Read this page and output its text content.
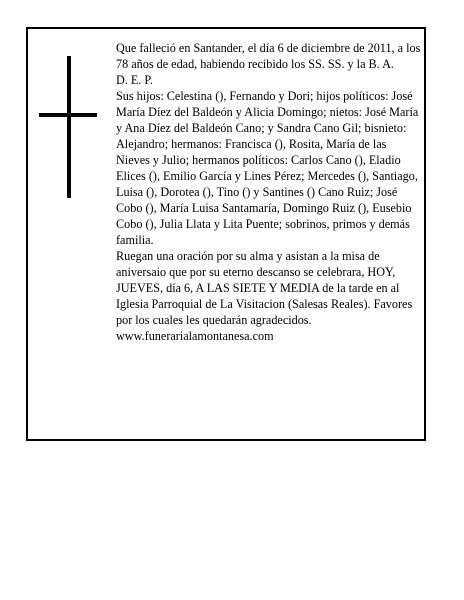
Que falleció en Santander, el día 6 de diciembre de 2011, a los 78 años de edad, habiendo recibido los SS. SS. y la B. A.

D. E. P.

Sus hijos: Celestina (), Fernando y Dori; hijos políticos: José María Díez del Baldeón y Alicia Domingo; nietos: José María y Ana Díez del Baldeón Cano; y Sandra Cano Gil; bisnieto: Alejandro; hermanos: Francisca (), Rosita, María de las Nieves y Julio; hermanos políticos: Carlos Cano (), Eladio Elices (), Emilio García y Lines Pérez; Mercedes (), Santiago, Luisa (), Dorotea (), Tino () y Santines () Cano Ruiz; José Cobo (), María Luisa Santamaría, Domingo Ruiz (), Eusebio Cobo (), Julia Llata y Lita Puente; sobrinos, primos y demás familia.

Ruegan una oración por su alma y asistan a la misa de aniversaio que por su eterno descanso se celebrara, HOY, JUEVES, día 6, A LAS SIETE Y MEDIA de la tarde en al Iglesia Parroquial de La Visitacion (Salesas Reales). Favores por los cuales les quedarán agradecidos.

www.funerarialamontanesa.com
